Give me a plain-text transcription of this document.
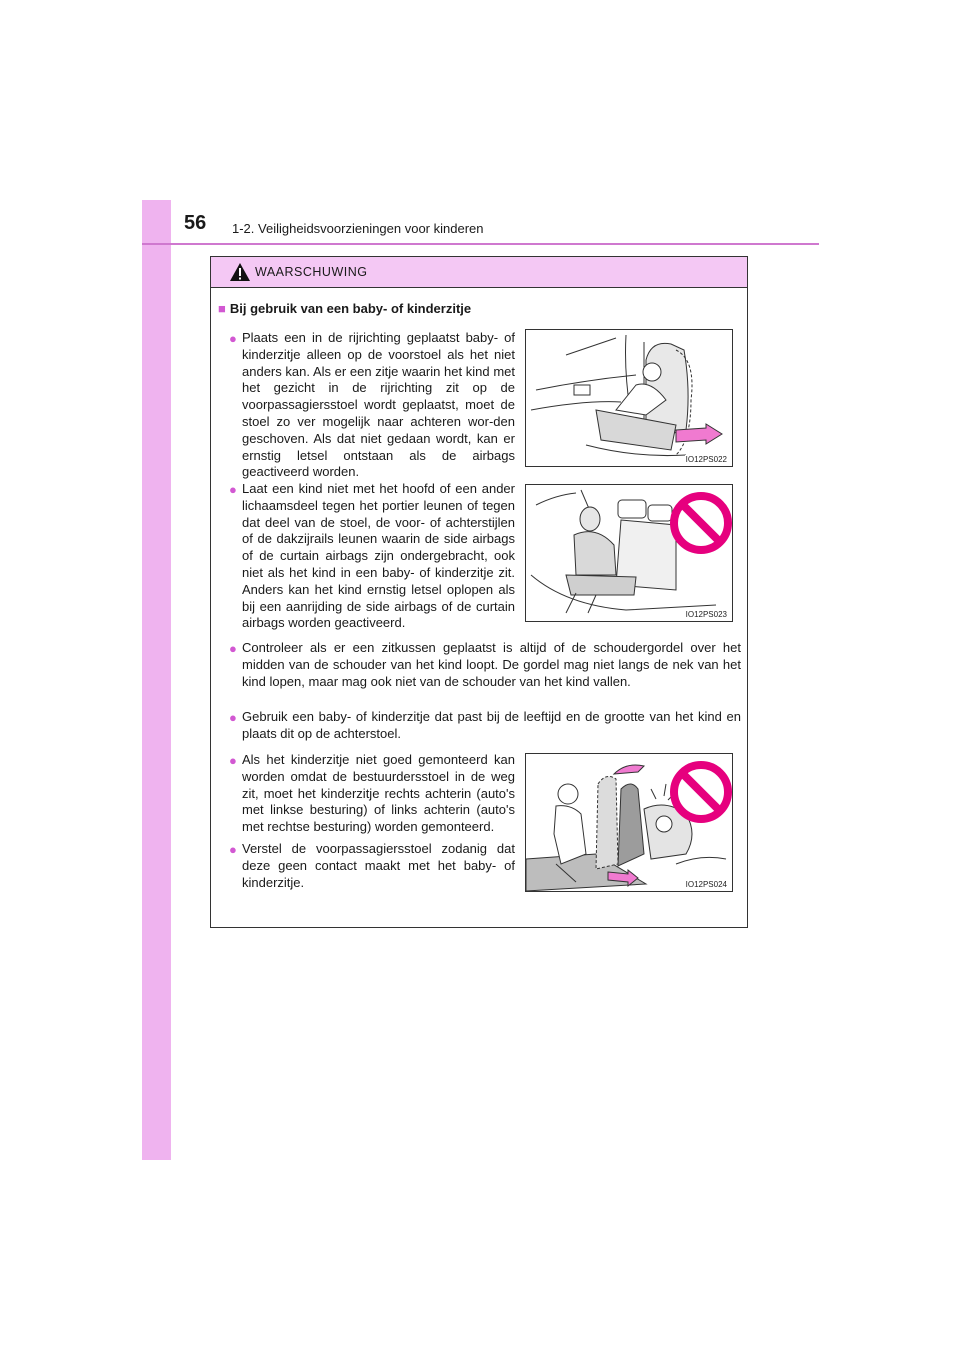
56 1-2. Veiligheidsvoorzieningen voor kinderen
WAARSCHUWING
■ Bij gebruik van een baby- of kinderzitje
● Plaats een in de rijrichting geplaatst baby- of kinderzitje alleen op de voorstoel als het niet anders kan. Als er een zitje waarin het kind met het gezicht in de rijrichting zit op de voorpassagiersstoel wordt geplaatst, moet de stoel zo ver mogelijk naar achteren wor-den geschoven. Als dat niet gedaan wordt, kan er ernstig letsel ontstaan als de airbags geactiveerd worden.
IO12PS022
● Laat een kind niet met het hoofd of een ander lichaamsdeel tegen het portier leunen of tegen dat deel van de stoel, de voor- of achterstijlen of de dakzijrails leunen waarin de side airbags of de curtain airbags zijn ondergebracht, ook niet als het kind in een baby- of kinderzitje zit. Anders kan het kind ernstig letsel oplopen als bij een aanrijding de side airbags of de curtain airbags worden geactiveerd.
IO12PS023
● Controleer als er een zitkussen geplaatst is altijd of de schoudergordel over het midden van de schouder van het kind loopt. De gordel mag niet langs de nek van het kind lopen, maar mag ook niet van de schouder van het kind vallen.
● Gebruik een baby- of kinderzitje dat past bij de leeftijd en de grootte van het kind en plaats dit op de achterstoel.
● Als het kinderzitje niet goed gemonteerd kan worden omdat de bestuurdersstoel in de weg zit, moet het kinderzitje rechts achterin (auto's met linkse besturing) of links achterin (auto's met rechtse besturing) worden gemonteerd.
● Verstel de voorpassagiersstoel zodanig dat deze geen contact maakt met het baby- of kinderzitje.	IO12PS024
